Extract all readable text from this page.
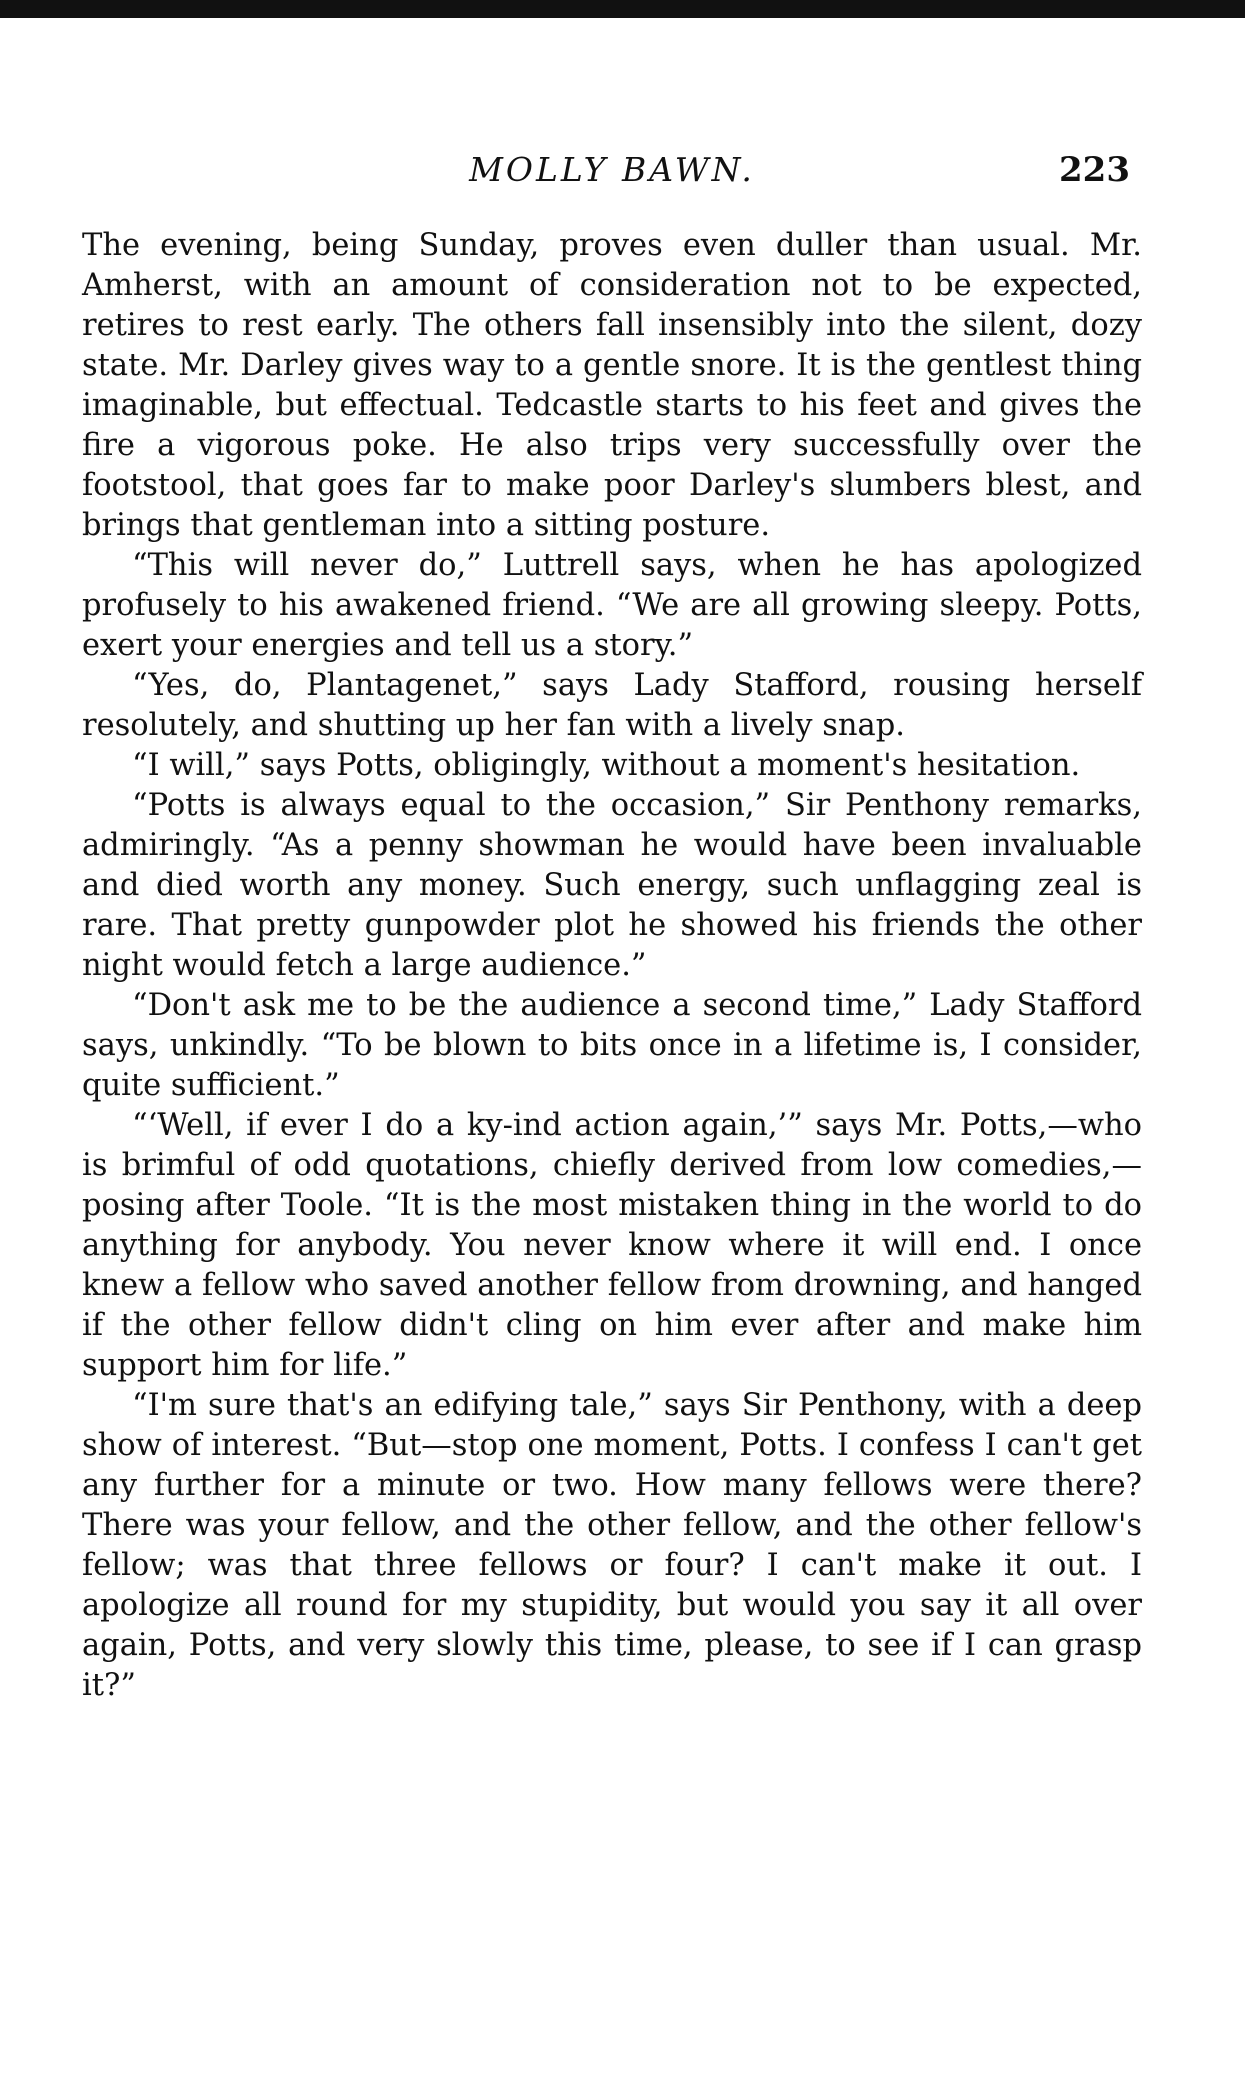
MOLLY BAWN.	223

The evening, being Sunday, proves even duller than usual. Mr. Amherst, with an amount of consideration not to be expected, retires to rest early. The others fall insensibly into the silent, dozy state. Mr. Darley gives way to a gentle snore. It is the gentlest thing imaginable, but effectual. Tedcastle starts to his feet and gives the fire a vigorous poke. He also trips very successfully over the footstool, that goes far to make poor Darley's slumbers blest, and brings that gentleman into a sitting posture.

“This will never do,” Luttrell says, when he has apologized profusely to his awakened friend. “We are all growing sleepy. Potts, exert your energies and tell us a story.”

“Yes, do, Plantagenet,” says Lady Stafford, rousing herself resolutely, and shutting up her fan with a lively snap.

“I will,” says Potts, obligingly, without a moment's hesitation.

“Potts is always equal to the occasion,” Sir Penthony remarks, admiringly. “As a penny showman he would have been invaluable and died worth any money. Such energy, such unflagging zeal is rare. That pretty gunpowder plot he showed his friends the other night would fetch a large audience.”

“Don't ask me to be the audience a second time,” Lady Stafford says, unkindly. “To be blown to bits once in a lifetime is, I consider, quite sufficient.”

“‘Well, if ever I do a ky-ind action again,’” says Mr. Potts,—who is brimful of odd quotations, chiefly derived from low comedies,—posing after Toole. “It is the most mistaken thing in the world to do anything for anybody. You never know where it will end. I once knew a fellow who saved another fellow from drowning, and hanged if the other fellow didn't cling on him ever after and make him support him for life.”

“I'm sure that's an edifying tale,” says Sir Penthony, with a deep show of interest. “But—stop one moment, Potts. I confess I can't get any further for a minute or two. How many fellows were there? There was your fellow, and the other fellow, and the other fellow's fellow; was that three fellows or four? I can't make it out. I apologize all round for my stupidity, but would you say it all over again, Potts, and very slowly this time, please, to see if I can grasp it?”
